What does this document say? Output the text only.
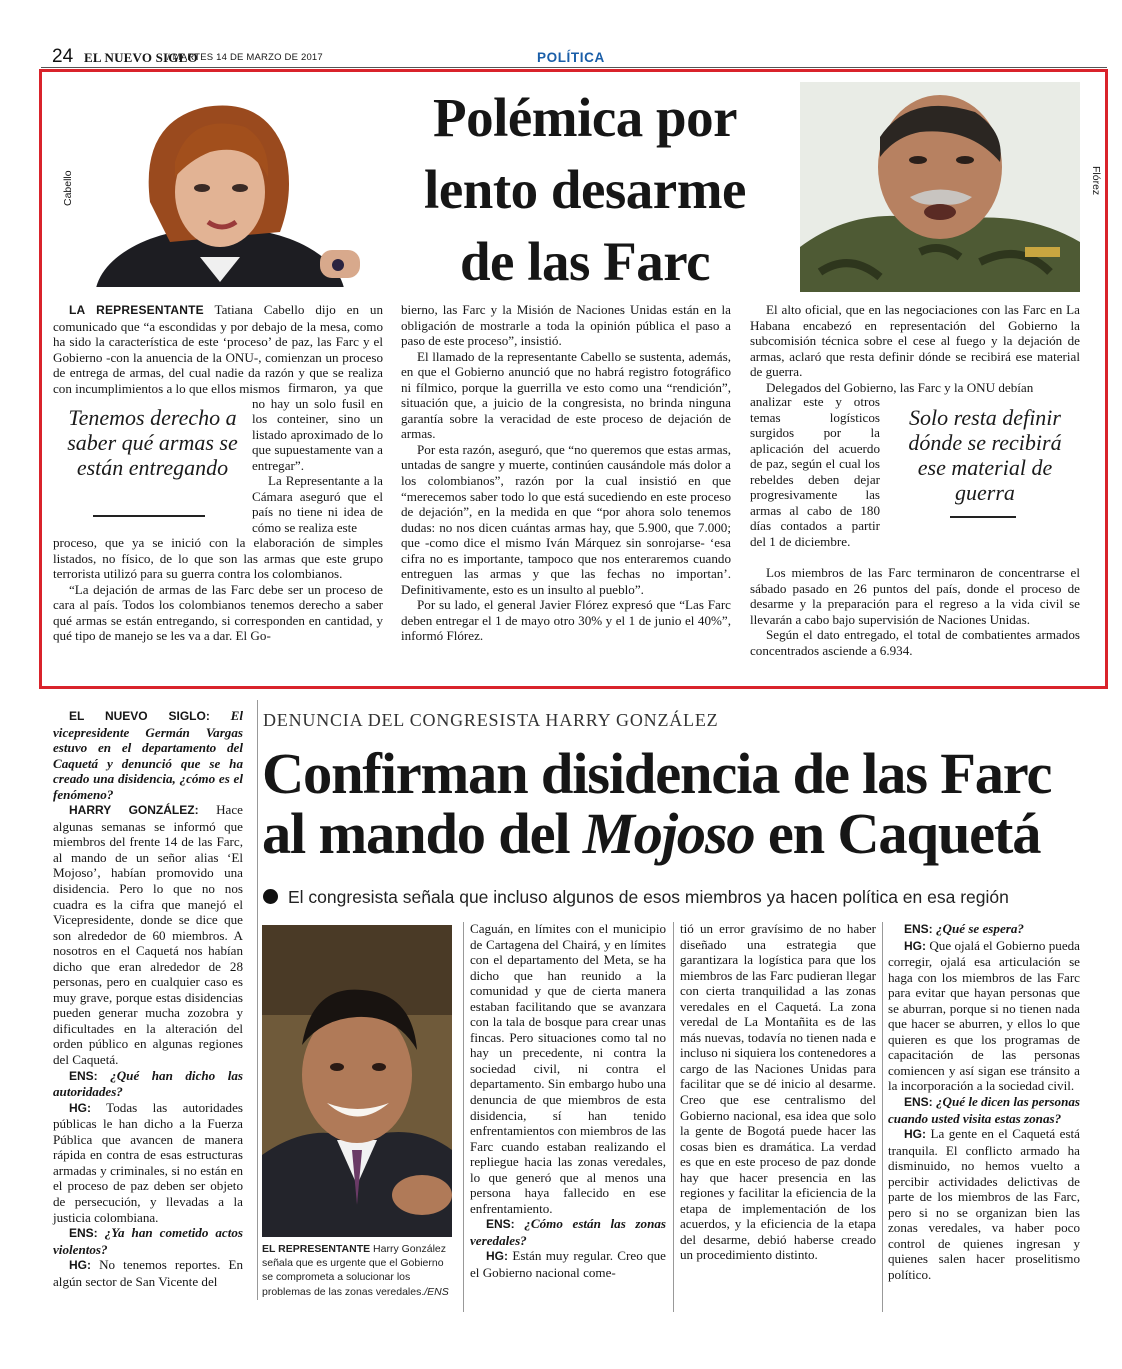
24 EL NUEVO SIGLO
/ MARTES 14 DE MARZO DE 2017	POLÍTICA
Polémica por
lento desarme
de las Farc
Cabello	Flórez
LA REPRESENTANTE Tatiana Cabello dijo en un comunicado que “a escondidas y por debajo de la mesa, como ha sido la característica de este ‘proceso’ de paz, las Farc y el Gobierno -con la anuencia de la ONU-, comienzan un proceso de entrega de armas, del cual nadie da razón y que se realiza con incumplimientos a lo que ellos mismos
Tenemos derecho a saber qué armas se están entregando
firmaron, ya que no hay un solo fusil en los conteiner, sino un listado aproximado de lo que supuestamente van a entregar”.
La Representante a la Cámara aseguró que el país no tiene ni idea de cómo se realiza este
proceso, que ya se inició con la elaboración de simples listados, no físico, de lo que son las armas que este grupo terrorista utilizó para su guerra contra los colombianos.
“La dejación de armas de las Farc debe ser un proceso de cara al país. Todos los colombianos tenemos derecho a saber qué armas se están entregando, si corresponden en cantidad, y qué tipo de manejo se les va a dar. El Go-
bierno, las Farc y la Misión de Naciones Unidas están en la obligación de mostrarle a toda la opinión pública el paso a paso de este proceso”, insistió.
El llamado de la representante Cabello se sustenta, además, en que el Gobierno anunció que no habrá registro fotográfico ni fílmico, porque la guerrilla ve esto como una “rendición”, situación que, a juicio de la congresista, no brinda ninguna garantía sobre la veracidad de este proceso de dejación de armas.
Por esta razón, aseguró, que “no queremos que estas armas, untadas de sangre y muerte, continúen causándole más dolor a los colombianos”, razón por la cual insistió en que “merecemos saber todo lo que está sucediendo en este proceso de dejación”, en la medida en que “por ahora solo tenemos dudas: no nos dicen cuántas armas hay, que 5.900, que 7.000; que -como dice el mismo Iván Márquez sin sonrojarse- ‘esa cifra no es importante, tampoco que nos enteraremos cuando entreguen las armas y que las fechas no importan’. Definitivamente, esto es un insulto al pueblo”.
Por su lado, el general Javier Flórez expresó que “Las Farc deben entregar el 1 de mayo otro 30% y el 1 de junio el 40%”, informó Flórez.
El alto oficial, que en las negociaciones con las Farc en La Habana encabezó en representación del Gobierno la subcomisión técnica sobre el cese al fuego y la dejación de armas, aclaró que resta definir dónde se recibirá ese material de guerra.
Delegados del Gobierno, las Farc y la ONU debían
analizar este y otros temas logísticos surgidos por la aplicación del acuerdo de paz, según el cual los rebeldes deben dejar progresivamente las armas al cabo de 180 días contados a partir del 1 de diciembre.
Solo resta definir dónde se recibirá ese material de guerra
Los miembros de las Farc terminaron de concentrarse el sábado pasado en 26 puntos del país, donde el proceso de desarme y la preparación para el regreso a la vida civil se llevarán a cabo bajo supervisión de Naciones Unidas.
Según el dato entregado, el total de combatientes armados concentrados asciende a 6.934.
DENUNCIA DEL CONGRESISTA HARRY GONZÁLEZ
Confirman disidencia de las Farc
al mando del Mojoso en Caquetá
El congresista señala que incluso algunos de esos miembros ya hacen política en esa región
EL NUEVO SIGLO: El vicepresidente Germán Vargas estuvo en el departamento del Caquetá y denunció que se ha creado una disidencia, ¿cómo es el fenómeno?
HARRY GONZÁLEZ: Hace algunas semanas se informó que miembros del frente 14 de las Farc, al mando de un señor alias ‘El Mojoso’, habían promovido una disidencia. Pero lo que no nos cuadra es la cifra que manejó el Vicepresidente, donde se dice que son alrededor de 60 miembros. A nosotros en el Caquetá nos habían dicho que eran alrededor de 28 personas, pero en cualquier caso es muy grave, porque estas disidencias pueden generar mucha zozobra y dificultades en la alteración del orden público en algunas regiones del Caquetá.
ENS: ¿Qué han dicho las autoridades?
HG: Todas las autoridades públicas le han dicho a la Fuerza Pública que avancen de manera rápida en contra de esas estructuras armadas y criminales, si no están en el proceso de paz deben ser objeto de persecución, y llevadas a la justicia colombiana.
ENS: ¿Ya han cometido actos violentos?
HG: No tenemos reportes. En algún sector de San Vicente del
Caguán, en límites con el municipio de Cartagena del Chairá, y en límites con el departamento del Meta, se ha dicho que han reunido a la comunidad y que de cierta manera estaban facilitando que se avanzara con la tala de bosque para crear unas fincas. Pero situaciones como tal no hay un precedente, ni contra la sociedad civil, ni contra el departamento. Sin embargo hubo una denuncia de que miembros de esta disidencia, sí han tenido enfrentamientos con miembros de las Farc cuando estaban realizando el repliegue hacia las zonas veredales, lo que generó que al menos una persona haya fallecido en ese enfrentamiento.
ENS: ¿Cómo están las zonas veredales?
HG: Están muy regular. Creo que el Gobierno nacional come-
tió un error gravísimo de no haber diseñado una estrategia que garantizara la logística para que los miembros de las Farc pudieran llegar con cierta tranquilidad a las zonas veredales en el Caquetá. La zona veredal de La Montañita es de las más nuevas, todavía no tienen nada e incluso ni siquiera los contenedores a cargo de las Naciones Unidas para facilitar que se dé inicio al desarme. Creo que ese centralismo del Gobierno nacional, esa idea que solo la gente de Bogotá puede hacer las cosas bien es dramática. La verdad es que en este proceso de paz donde hay que hacer presencia en las regiones y facilitar la eficiencia de la etapa de implementación de los acuerdos, y la eficiencia de la etapa del desarme, debió haberse creado un procedimiento distinto.
ENS: ¿Qué se espera?
HG: Que ojalá el Gobierno pueda corregir, ojalá esa articulación se haga con los miembros de las Farc para evitar que hayan personas que se aburran, porque si no tienen nada que hacer se aburren, y ellos lo que quieren es que los programas de capacitación de las personas comiencen y así sigan ese tránsito a la incorporación a la sociedad civil.
ENS: ¿Qué le dicen las personas cuando usted visita estas zonas?
HG: La gente en el Caquetá está tranquila. El conflicto armado ha disminuido, no hemos vuelto a percibir actividades delictivas de parte de los miembros de las Farc, pero si no se organizan bien las zonas veredales, va haber poco control de quienes ingresan y quienes salen hacer proselitismo político.
EL REPRESENTANTE Harry González señala que es urgente que el Gobierno se comprometa a solucionar los problemas de las zonas veredales./ENS
